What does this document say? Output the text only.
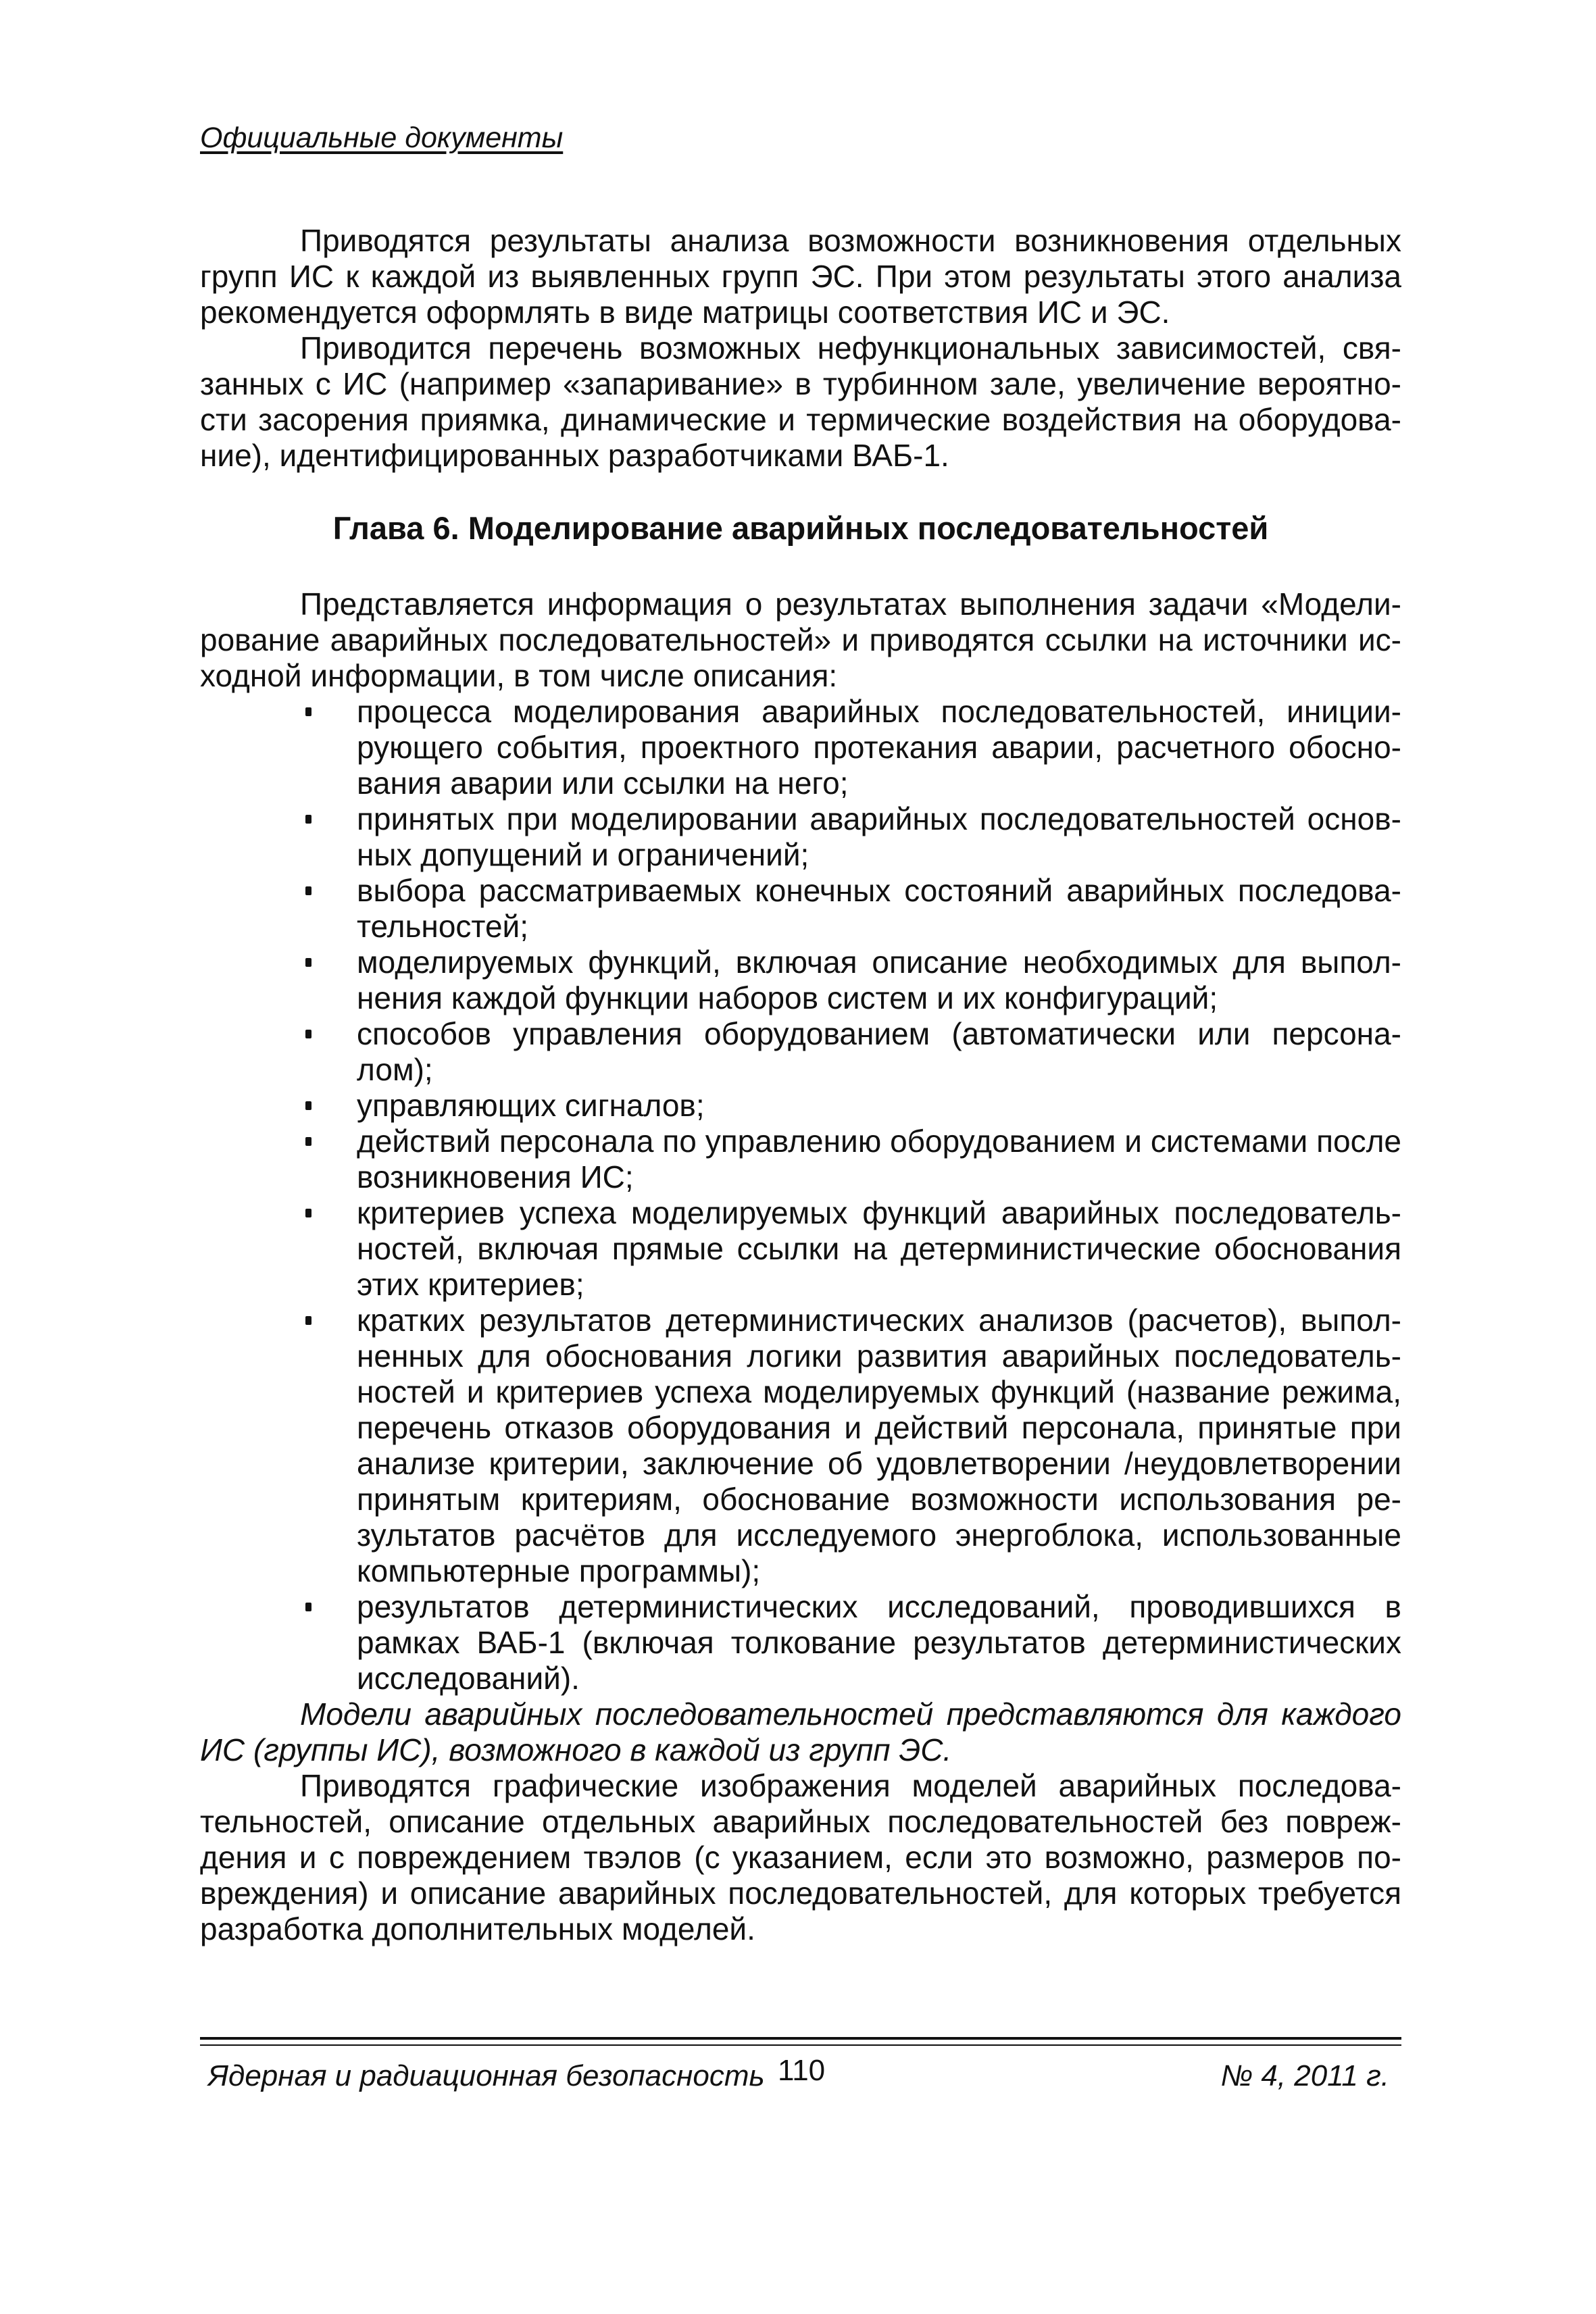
Официальные документы

Приводятся результаты анализа возможности возникновения отдельных групп ИС к каждой из выявленных групп ЭС. При этом результаты этого анализа рекомендуется оформлять в виде матрицы соответствия ИС и ЭС.

Приводится перечень возможных нефункциональных зависимостей, связанных с ИС (например «запаривание» в турбинном зале, увеличение вероятности засорения приямка, динамические и термические воздействия на оборудование), идентифицированных разработчиками ВАБ-1.

Глава 6. Моделирование аварийных последовательностей

Представляется информация о результатах выполнения задачи «Моделирование аварийных последовательностей» и приводятся ссылки на источники исходной информации, в том числе описания:

процесса моделирования аварийных последовательностей, инициирующего события, проектного протекания аварии, расчетного обоснования аварии или ссылки на него;
принятых при моделировании аварийных последовательностей основных допущений и ограничений;
выбора рассматриваемых конечных состояний аварийных последовательностей;
моделируемых функций, включая описание необходимых для выполнения каждой функции наборов систем и их конфигураций;
способов управления оборудованием (автоматически или персоналом);
управляющих сигналов;
действий персонала по управлению оборудованием и системами после возникновения ИС;
критериев успеха моделируемых функций аварийных последовательностей, включая прямые ссылки на детерминистические обоснования этих критериев;
кратких результатов детерминистических анализов (расчетов), выполненных для обоснования логики развития аварийных последовательностей и критериев успеха моделируемых функций (название режима, перечень отказов оборудования и действий персонала, принятые при анализе критерии, заключение об удовлетворении /неудовлетворении принятым критериям, обоснование возможности использования результатов расчётов для исследуемого энергоблока, использованные компьютерные программы);
результатов детерминистических исследований, проводившихся в рамках ВАБ-1 (включая толкование результатов детерминистических исследований).

Модели аварийных последовательностей представляются для каждого ИС (группы ИС), возможного в каждой из групп ЭС.

Приводятся графические изображения моделей аварийных последовательностей, описание отдельных аварийных последовательностей без повреждения и с повреждением твэлов (с указанием, если это возможно, размеров повреждения) и описание аварийных последовательностей, для которых требуется разработка дополнительных моделей.

Ядерная и радиационная безопасность 110	№ 4, 2011 г.
